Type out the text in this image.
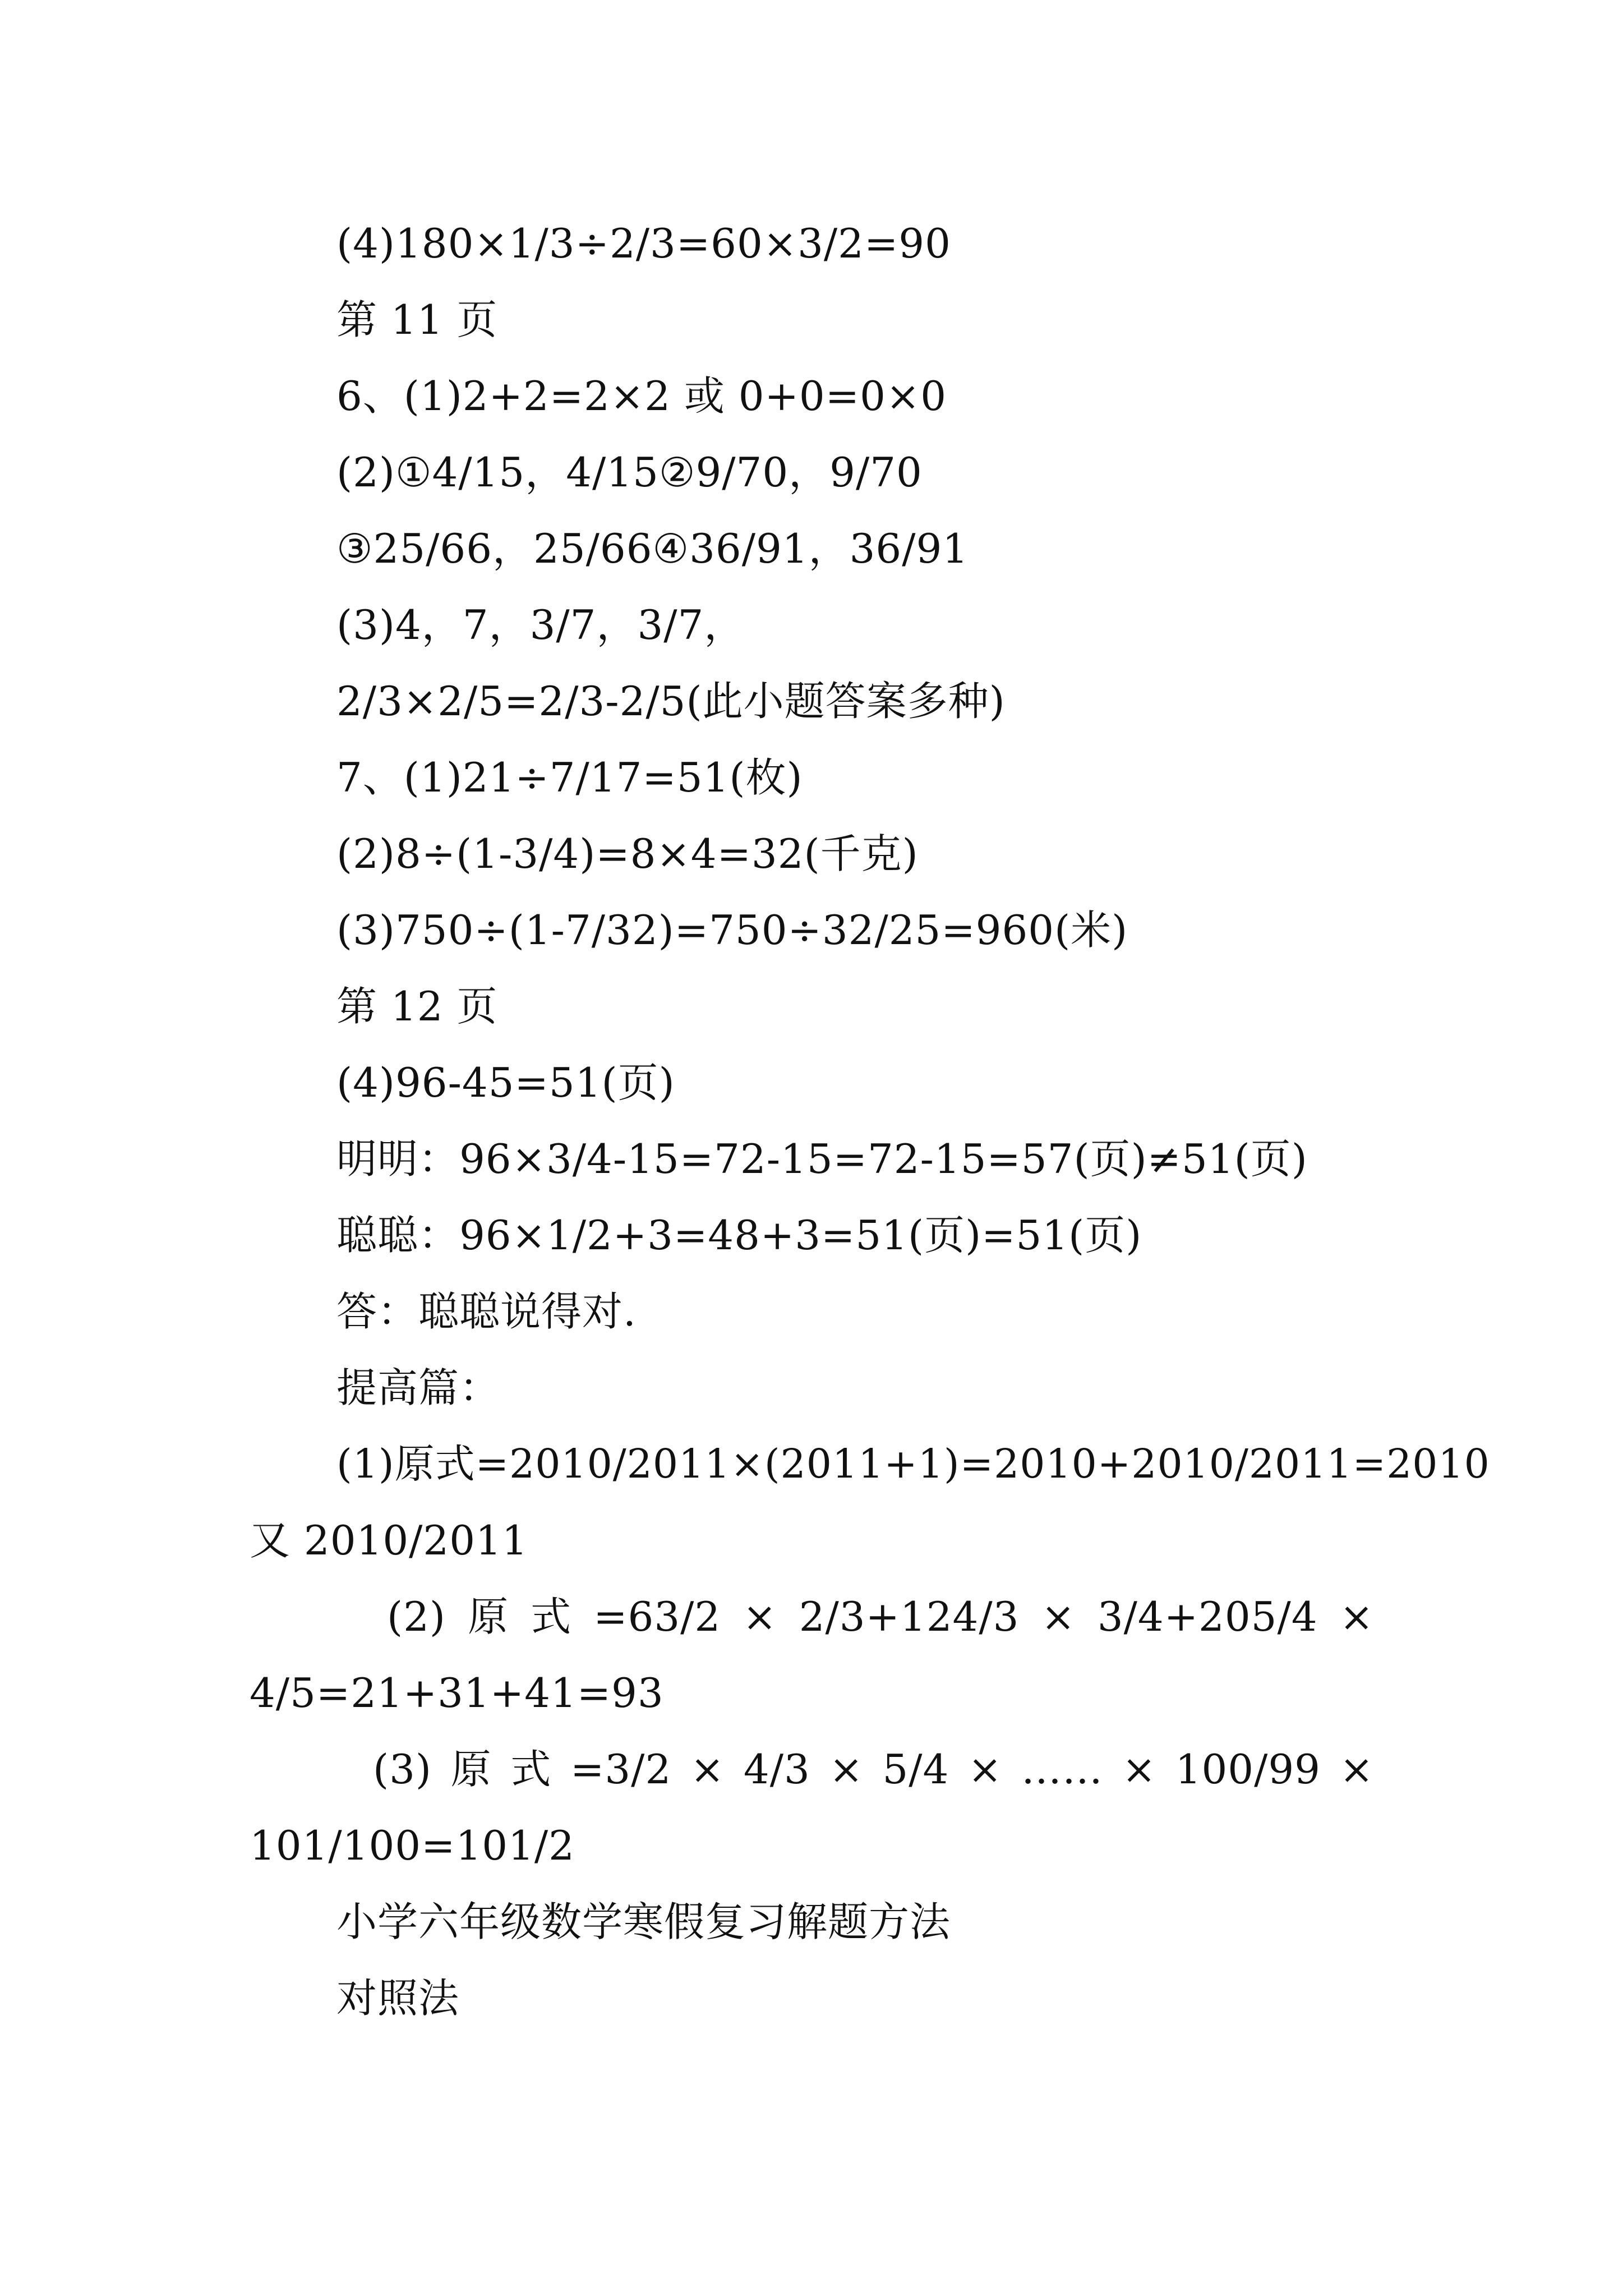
(4)180×1/3÷2/3=60×3/2=90
第 11 页
6、(1)2+2=2×2 或 0+0=0×0
(2)①4/15，4/15②9/70，9/70
③25/66，25/66④36/91，36/91
(3)4，7，3/7，3/7，
2/3×2/5=2/3-2/5(此小题答案多种)
7、(1)21÷7/17=51(枚)
(2)8÷(1-3/4)=8×4=32(千克)
(3)750÷(1-7/32)=750÷32/25=960(米)
第 12 页
(4)96-45=51(页)
明明：96×3/4-15=72-15=72-15=57(页)≠51(页)
聪聪：96×1/2+3=48+3=51(页)=51(页)
答：聪聪说得对.
提高篇：
(1)原式=2010/2011×(2011+1)=2010+2010/2011=2010
又 2010/2011
(2) 原 式 =63/2 × 2/3+124/3 × 3/4+205/4 ×
4/5=21+31+41=93
(3) 原 式 =3/2 × 4/3 × 5/4 × …… × 100/99 ×
101/100=101/2
小学六年级数学寒假复习解题方法
对照法
